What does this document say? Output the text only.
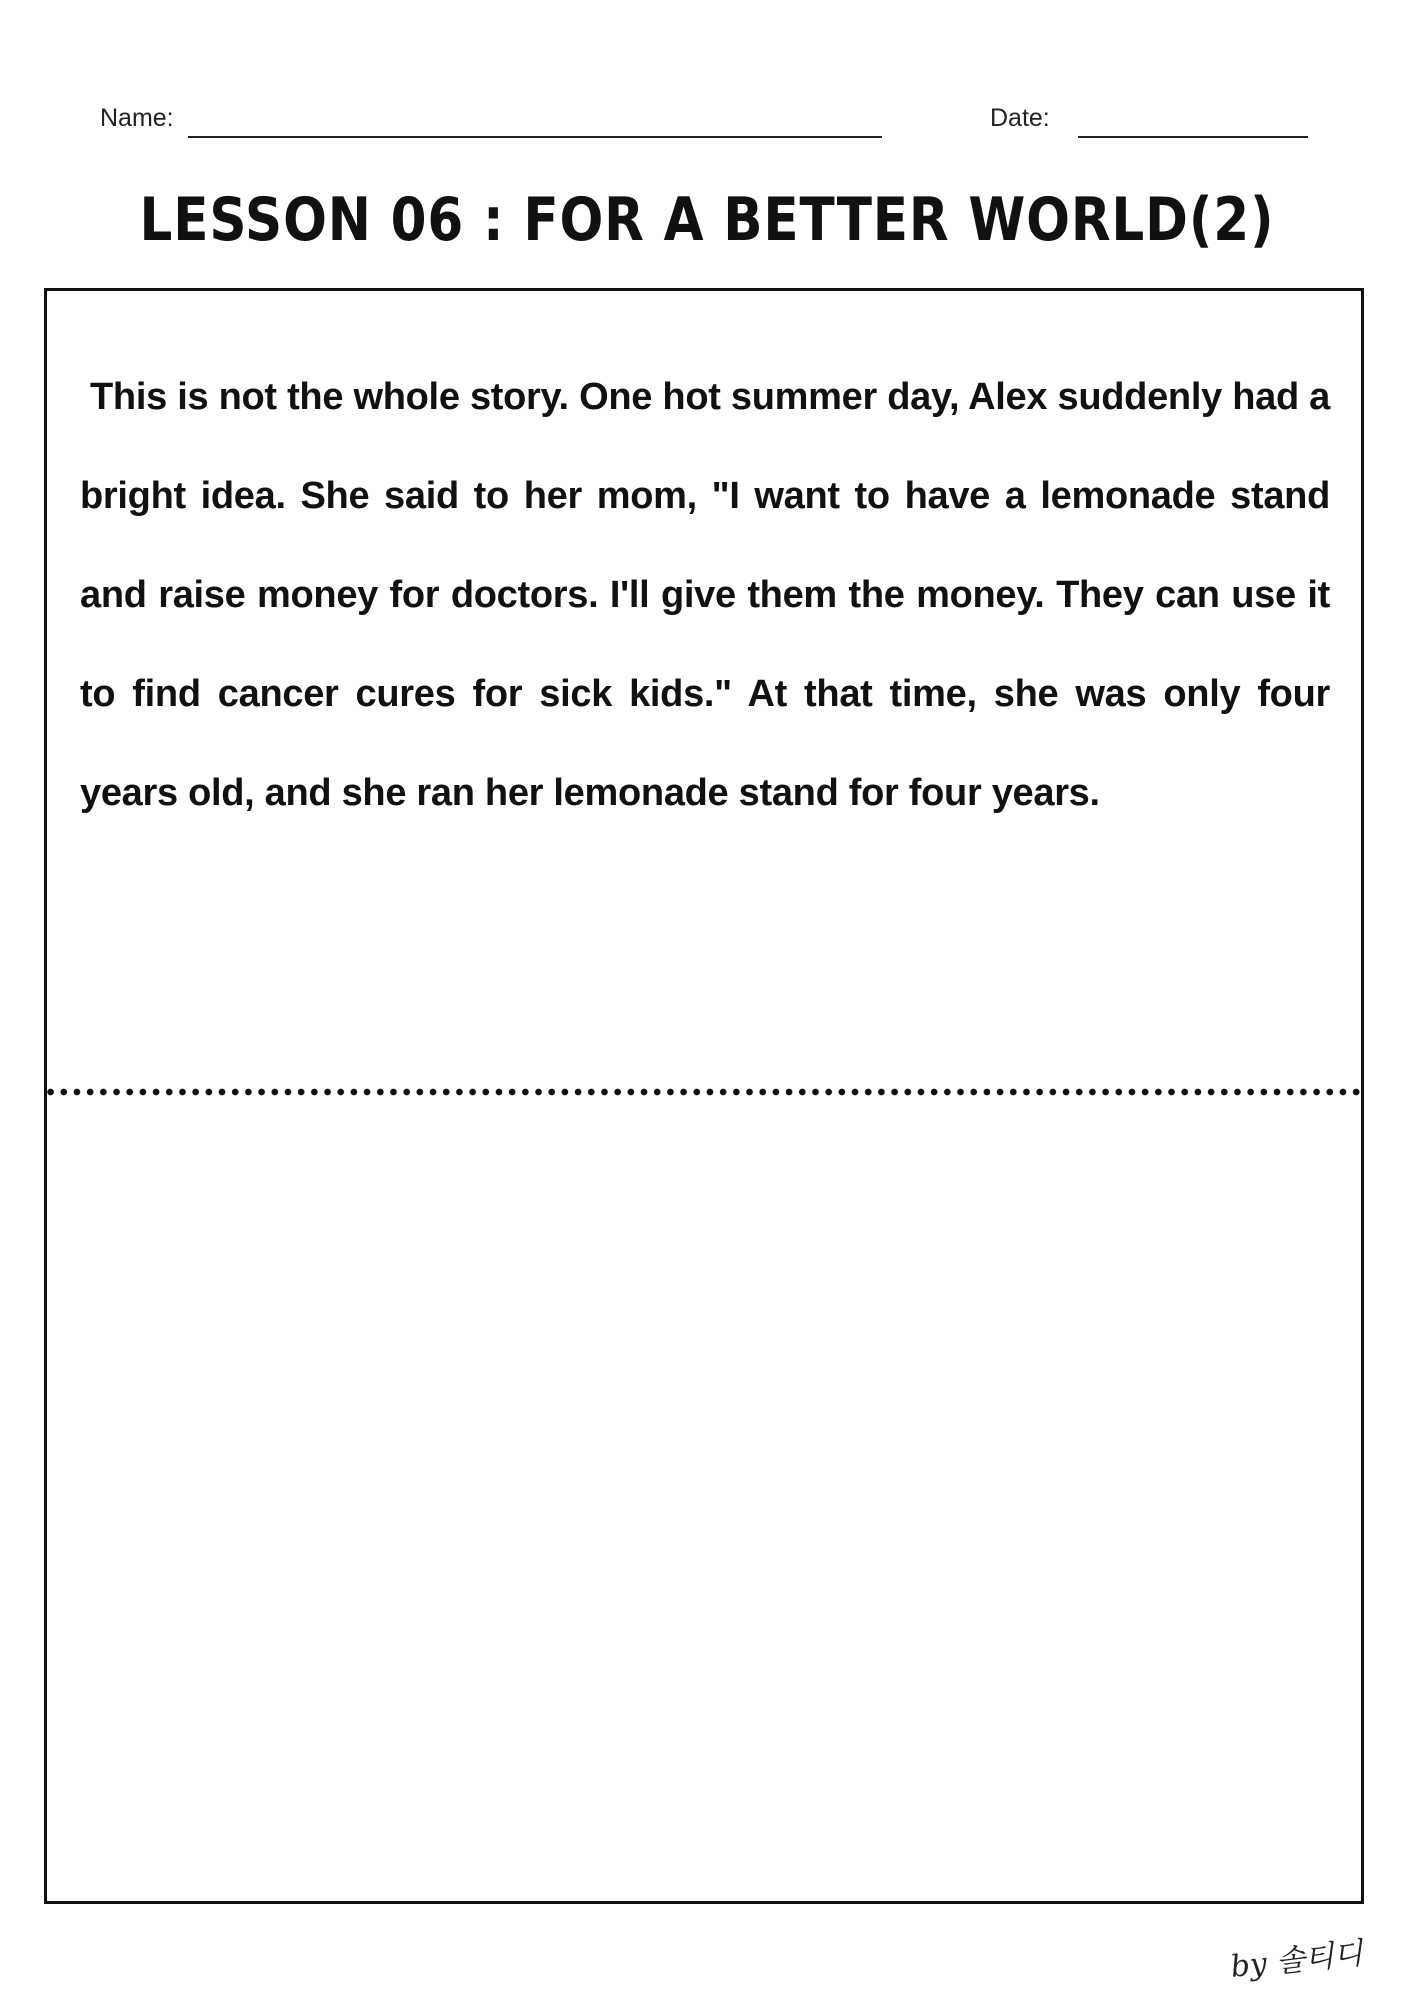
Name:	Date:
LESSON 06 : FOR A BETTER WORLD(2)

This is not the whole story. One hot summer day, Alex suddenly had a bright idea. She said to her mom, "I want to have a lemonade stand and raise money for doctors. I'll give them the money. They can use it to find cancer cures for sick kids." At that time, she was only four years old, and she ran her lemonade stand for four years.

by 솔티디
